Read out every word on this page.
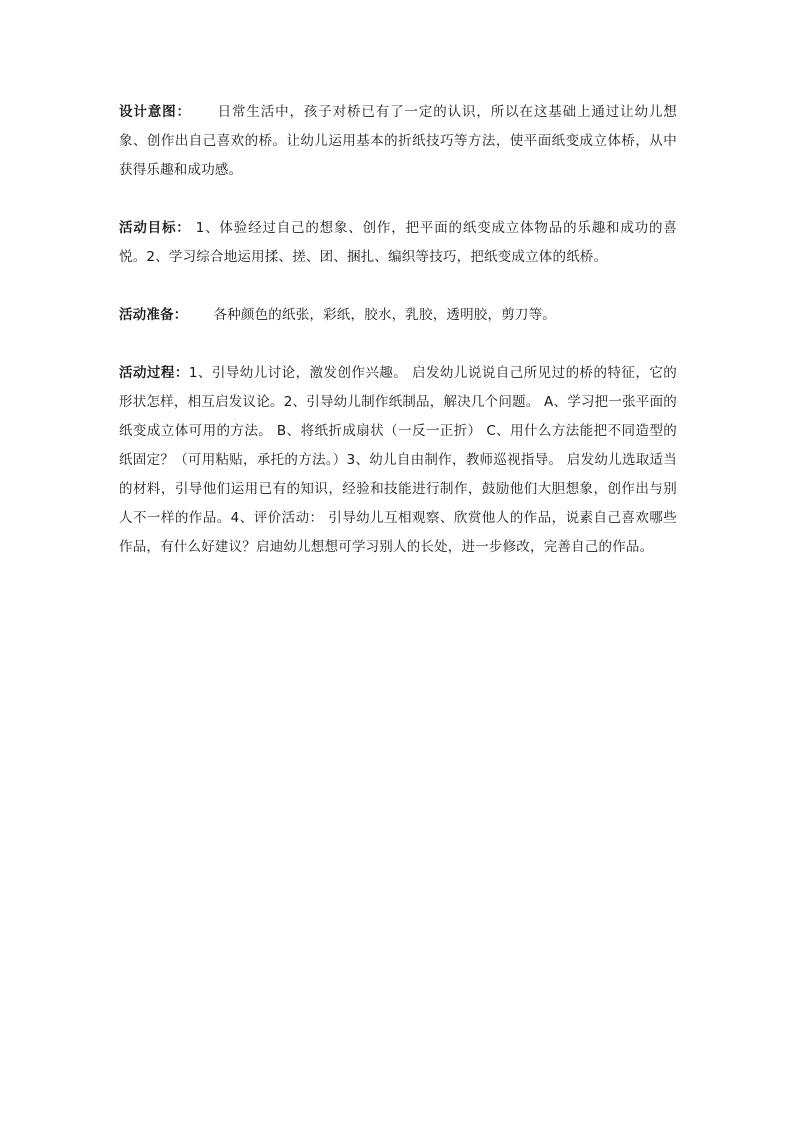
设计意图： 日常生活中，孩子对桥已有了一定的认识，所以在这基础上通过让幼儿想象、创作出自己喜欢的桥。让幼儿运用基本的折纸技巧等方法，使平面纸变成立体桥，从中获得乐趣和成功感。

活动目标： 1、体验经过自己的想象、创作，把平面的纸变成立体物品的乐趣和成功的喜悦。2、学习综合地运用揉、搓、团、捆扎、编织等技巧，把纸变成立体的纸桥。

活动准备： 各种颜色的纸张，彩纸，胶水，乳胶，透明胶，剪刀等。

活动过程：1、引导幼儿讨论，激发创作兴趣。 启发幼儿说说自己所见过的桥的特征，它的形状怎样，相互启发议论。2、引导幼儿制作纸制品，解决几个问题。 A、学习把一张平面的纸变成立体可用的方法。 B、将纸折成扇状（一反一正折） C、用什么方法能把不同造型的纸固定？（可用粘贴，承托的方法。）3、幼儿自由制作，教师巡视指导。 启发幼儿选取适当的材料，引导他们运用已有的知识，经验和技能进行制作，鼓励他们大胆想象，创作出与别人不一样的作品。4、评价活动： 引导幼儿互相观察、欣赏他人的作品，说素自己喜欢哪些作品，有什么好建议？启迪幼儿想想可学习别人的长处，进一步修改，完善自己的作品。
